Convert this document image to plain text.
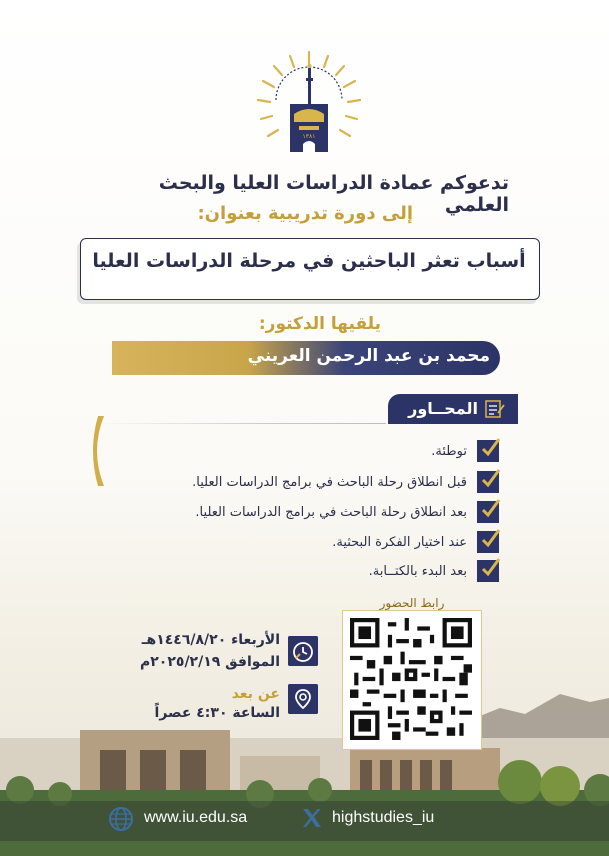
١٣٨١
تدعوكم عمادة الدراسات العليا والبحث العلمي
إلى دورة تدريبية بعنوان:
أسباب تعثر الباحثين في مرحلة الدراسات العليا
يلقيها الدكتور:
محمد بن عبد الرحمن العريني
المحــاور
توطئة.
قبل انطلاق رحلة الباحث في برامج الدراسات العليا.
بعد انطلاق رحلة الباحث في برامج الدراسات العليا.
عند اختيار الفكرة البحثية.
بعد البدء بالكتــابة.
رابط الحضور
الأربعاء ١٤٤٦/٨/٢٠هـ
الموافق ٢٠٢٥/٢/١٩م
عن بعد
الساعة ٤:٣٠ عصراً
www.iu.edu.sa	highstudies_iu
